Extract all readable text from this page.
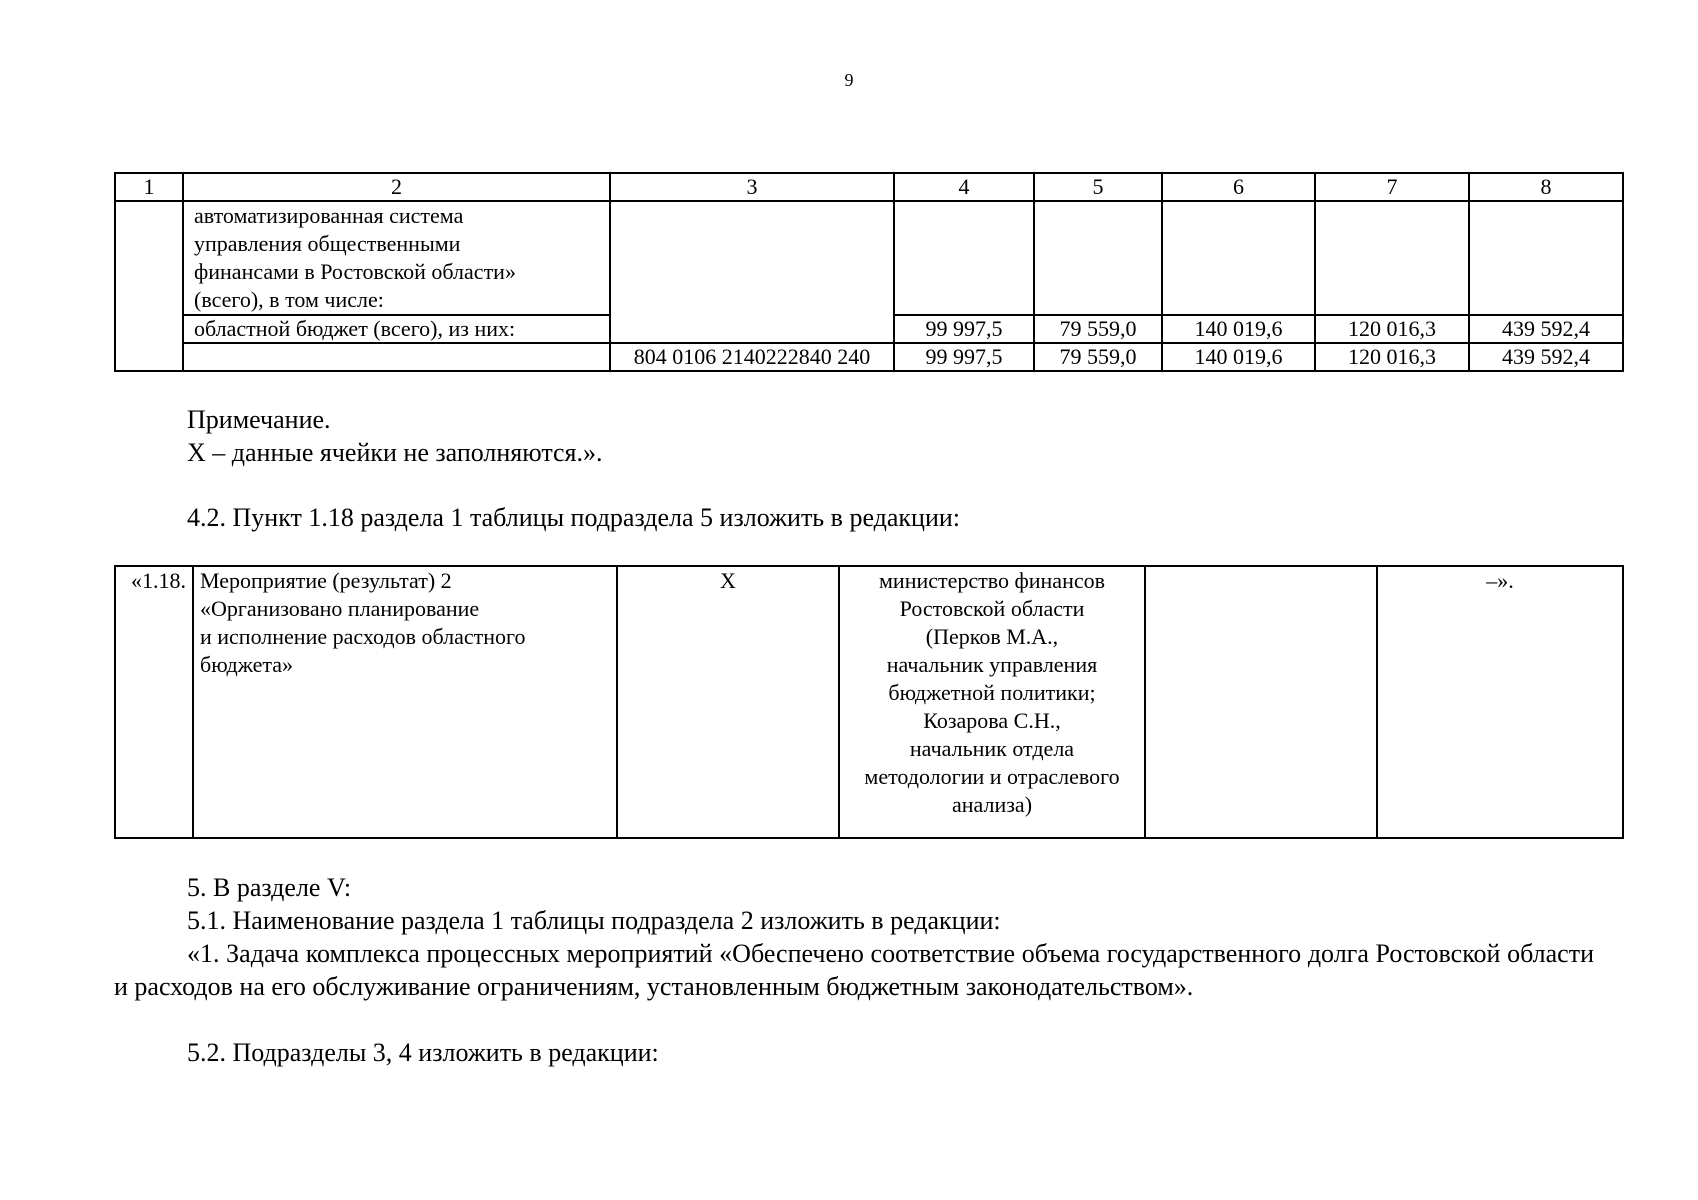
9
1	2	3	4	5	6	7	8

	автоматизированная система
управления общественными
финансами в Ростовской области»
(всего), в том числе:						

	областной бюджет (всего), из них:		99 997,5	79 559,0	140 019,6	120 016,3	439 592,4
		804 0106 2140222840 240	99 997,5	79 559,0	140 019,6	120 016,3	439 592,4

Примечание.

Х – данные ячейки не заполняются.».

4.2. Пункт 1.18 раздела 1 таблицы подраздела 5 изложить в редакции:

«1.18.	Мероприятие (результат) 2
«Организовано планирование
и исполнение расходов областного
бюджета»
	Х	министерство финансов
Ростовской области
(Перков М.А.,
начальник управления
бюджетной политики;
Козарова С.Н.,
начальник отдела
методологии и отраслевого
анализа)
		–».

5. В разделе V:

5.1. Наименование раздела 1 таблицы подраздела 2 изложить в редакции:

«1. Задача комплекса процессных мероприятий «Обеспечено соответствие объема государственного долга Ростовской области и расходов на его обслуживание ограничениям, установленным бюджетным законодательством».

5.2. Подразделы 3, 4 изложить в редакции:
